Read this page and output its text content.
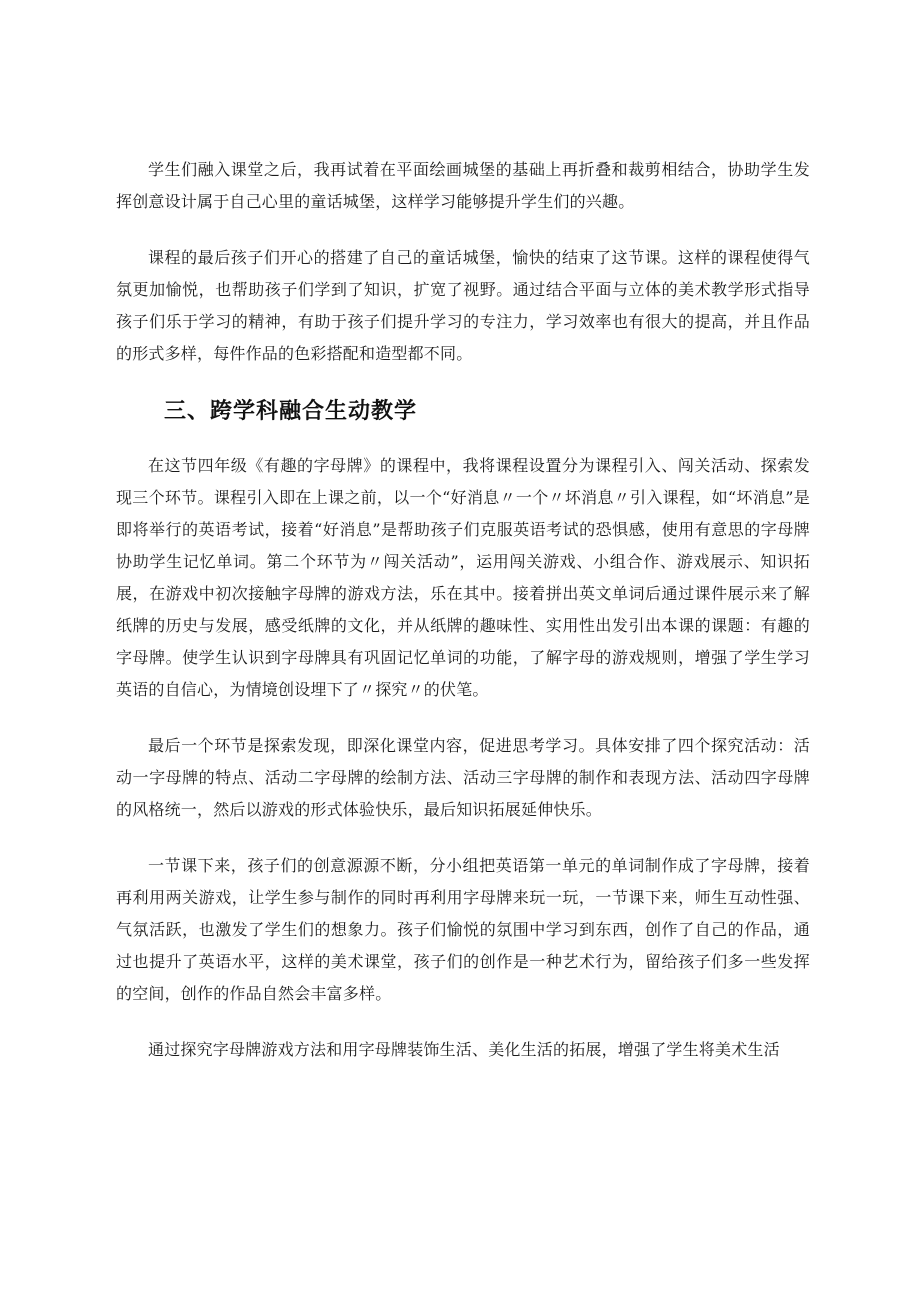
学生们融入课堂之后，我再试着在平面绘画城堡的基础上再折叠和裁剪相结合，协助学生发挥创意设计属于自己心里的童话城堡，这样学习能够提升学生们的兴趣。

课程的最后孩子们开心的搭建了自己的童话城堡，愉快的结束了这节课。这样的课程使得气氛更加愉悦，也帮助孩子们学到了知识，扩宽了视野。通过结合平面与立体的美术教学形式指导孩子们乐于学习的精神，有助于孩子们提升学习的专注力，学习效率也有很大的提高，并且作品的形式多样，每件作品的色彩搭配和造型都不同。

三、跨学科融合生动教学

在这节四年级《有趣的字母牌》的课程中，我将课程设置分为课程引入、闯关活动、探索发现三个环节。课程引入即在上课之前，以一个“好消息〃一个〃坏消息〃引入课程，如“坏消息”是即将举行的英语考试，接着“好消息”是帮助孩子们克服英语考试的恐惧感，使用有意思的字母牌协助学生记忆单词。第二个环节为〃闯关活动”，运用闯关游戏、小组合作、游戏展示、知识拓展，在游戏中初次接触字母牌的游戏方法，乐在其中。接着拼出英文单词后通过课件展示来了解纸牌的历史与发展，感受纸牌的文化，并从纸牌的趣味性、实用性出发引出本课的课题：有趣的字母牌。使学生认识到字母牌具有巩固记忆单词的功能，了解字母的游戏规则，增强了学生学习英语的自信心，为情境创设埋下了〃探究〃的伏笔。

最后一个环节是探索发现，即深化课堂内容，促进思考学习。具体安排了四个探究活动：活动一字母牌的特点、活动二字母牌的绘制方法、活动三字母牌的制作和表现方法、活动四字母牌的风格统一，然后以游戏的形式体验快乐，最后知识拓展延伸快乐。

一节课下来，孩子们的创意源源不断，分小组把英语第一单元的单词制作成了字母牌，接着再利用两关游戏，让学生参与制作的同时再利用字母牌来玩一玩，一节课下来，师生互动性强、气氛活跃，也激发了学生们的想象力。孩子们愉悦的氛围中学习到东西，创作了自己的作品，通过也提升了英语水平，这样的美术课堂，孩子们的创作是一种艺术行为，留给孩子们多一些发挥的空间，创作的作品自然会丰富多样。

通过探究字母牌游戏方法和用字母牌装饰生活、美化生活的拓展，增强了学生将美术生活
